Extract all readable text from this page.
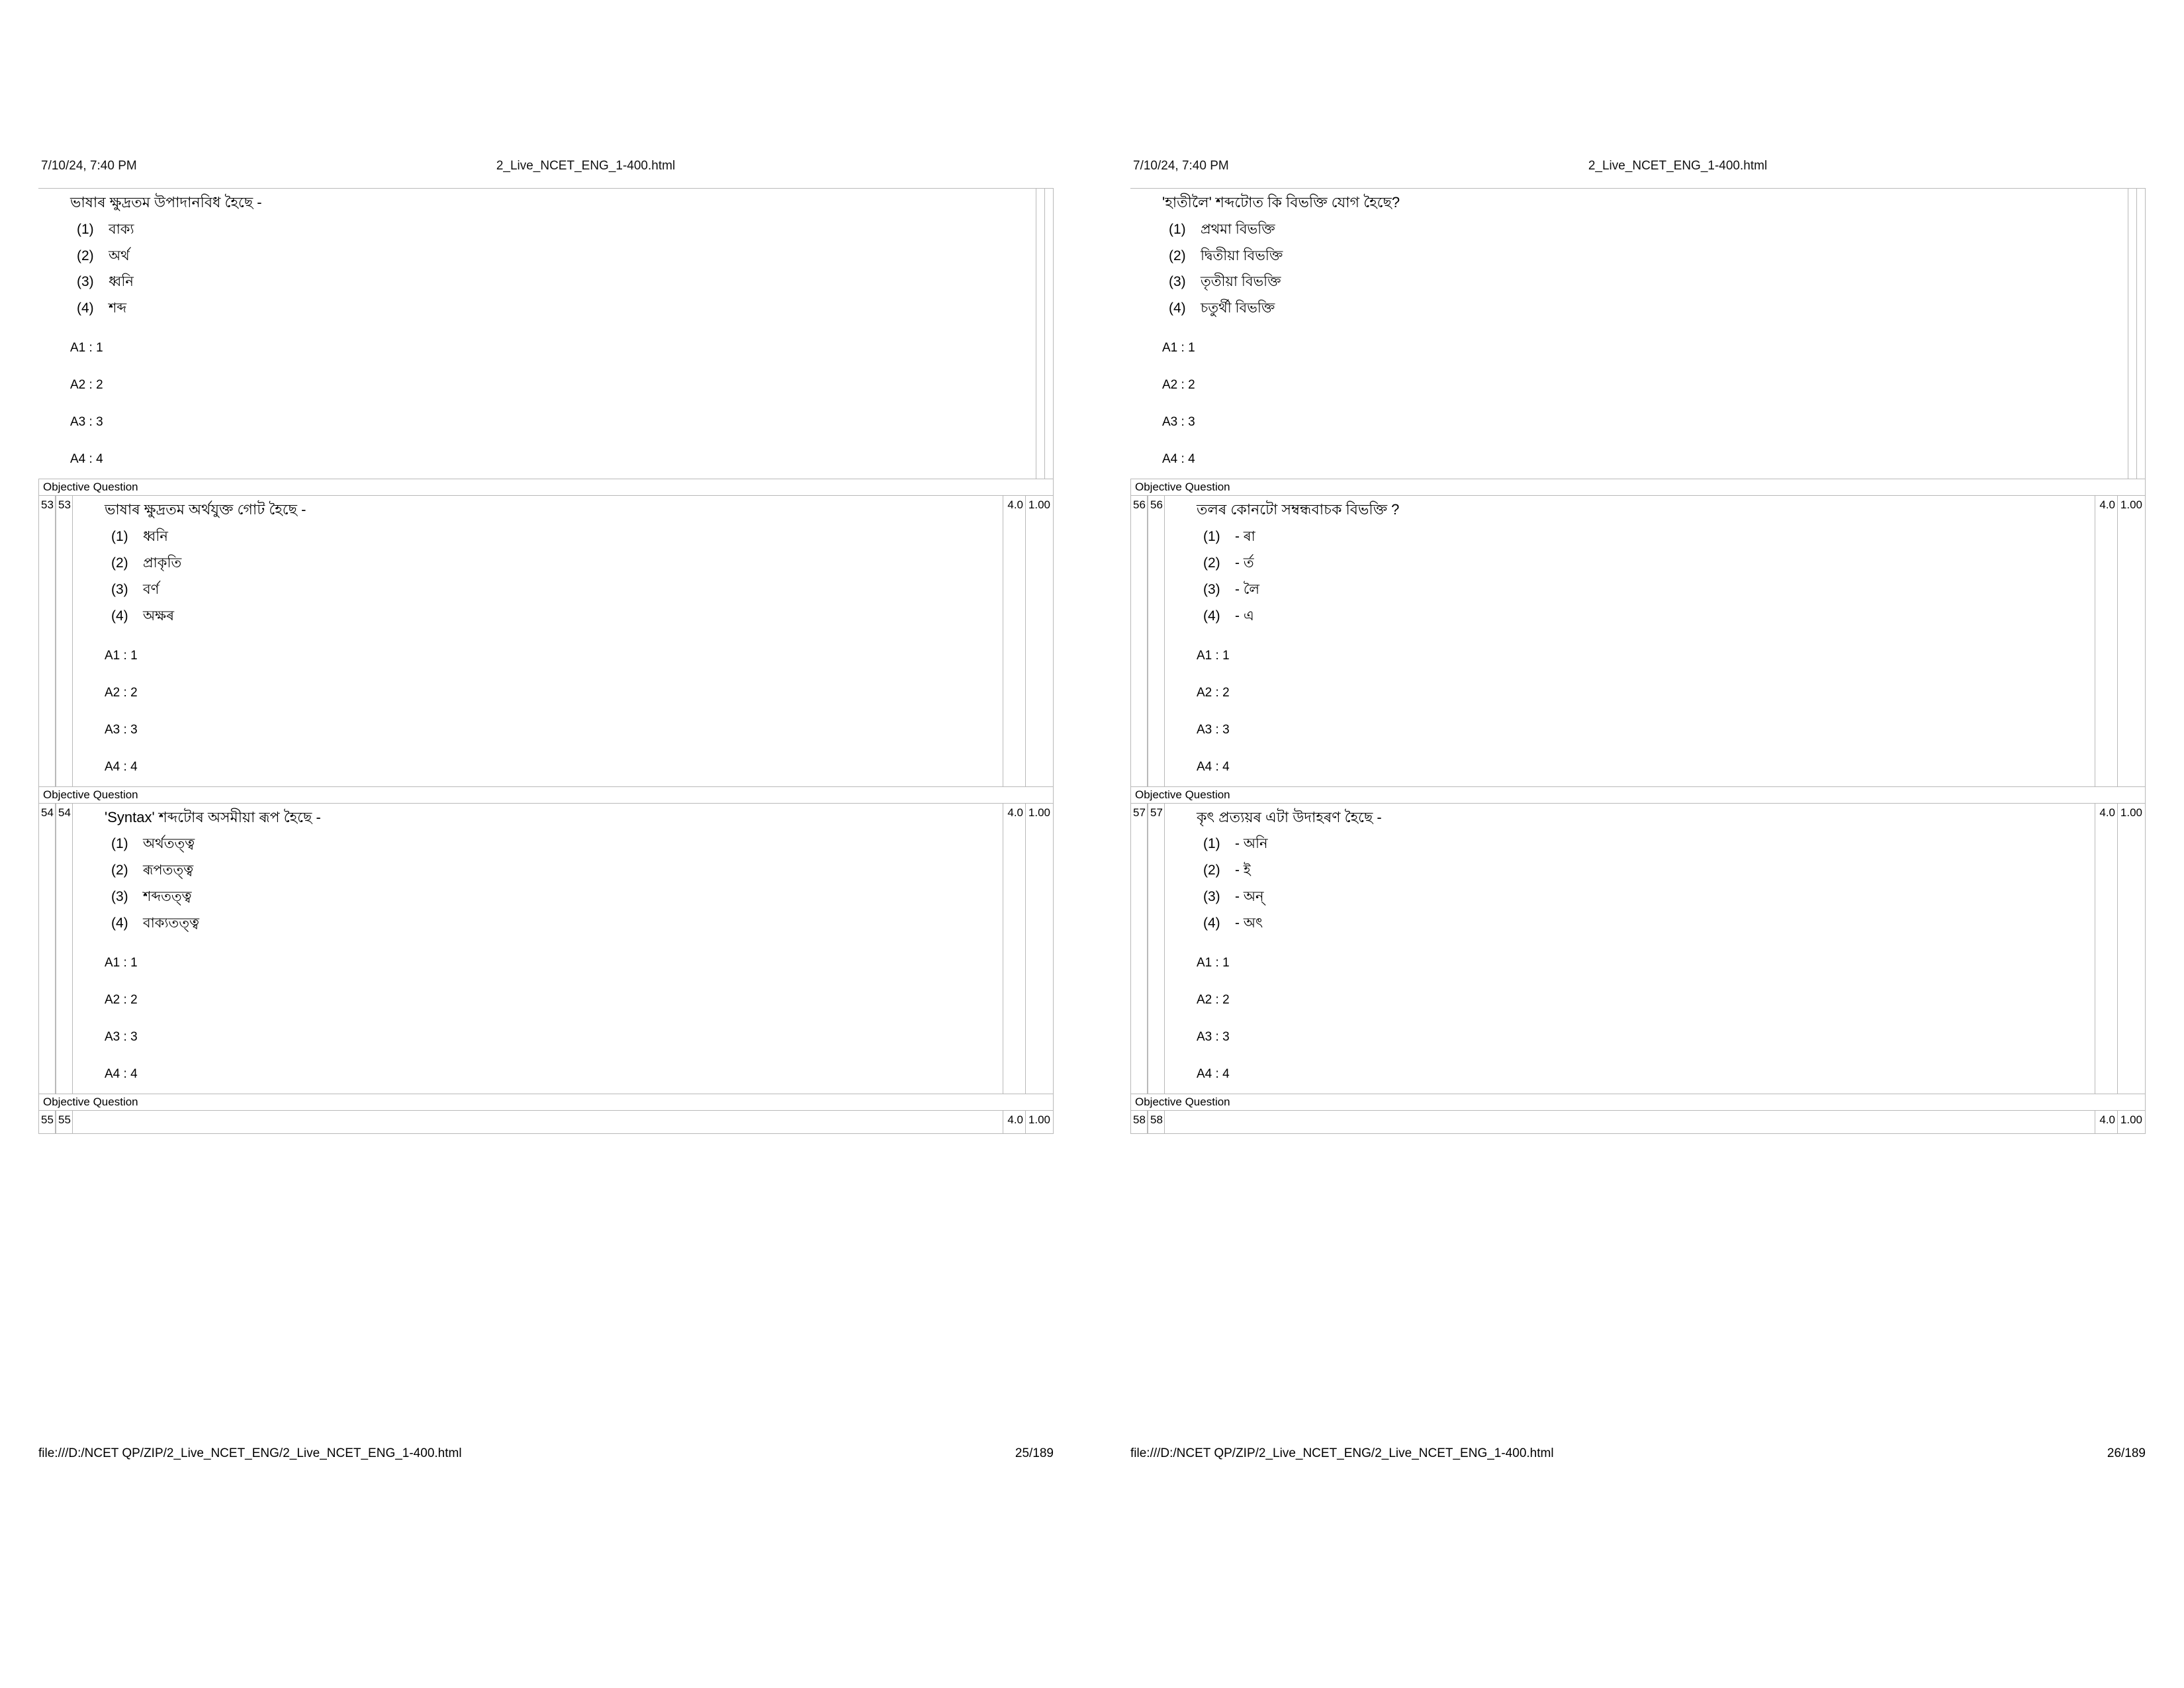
7/10/24, 7:40 PM	2_Live_NCET_ENG_1-400.html
ভাষাৰ ক্ষুদ্ৰতম উপাদানবিধ হৈছে -
(1)	বাক্য
(2)	অৰ্থ
(3)	ধ্বনি
(4)	শব্দ
A1 : 1
A2 : 2
A3 : 3
A4 : 4
Objective Question
53 53 ভাষাৰ ক্ষুদ্ৰতম অৰ্থযুক্ত গোট হৈছে -
(1)	ধ্বনি
(2)	প্ৰাকৃতি
(3)	বৰ্ণ
(4)	অক্ষৰ
A1 : 1
A2 : 2
A3 : 3
A4 : 4
4.0 1.00
Objective Question
54 54 'Syntax' শব্দটোৰ অসমীয়া ৰূপ হৈছে -
(1)	অৰ্থতত্ত্ব
(2)	ৰূপতত্ত্ব
(3)	শব্দতত্ত্ব
(4)	বাক্যতত্ত্ব
A1 : 1
A2 : 2
A3 : 3
A4 : 4
4.0 1.00
Objective Question
55 55	4.0 1.00
7/10/24, 7:40 PM	2_Live_NCET_ENG_1-400.html
'হাতীলৈ' শব্দটোত কি বিভক্তি যোগ হৈছে?
(1)	প্ৰথমা বিভক্তি
(2)	দ্বিতীয়া বিভক্তি
(3)	তৃতীয়া বিভক্তি
(4)	চতুৰ্থী বিভক্তি
A1 : 1
A2 : 2
A3 : 3
A4 : 4
Objective Question
56 56 তলৰ কোনটো সম্বন্ধবাচক বিভক্তি ?
(1)	- ৰা
(2)	- ৰ্ত
(3)	- লৈ
(4)	- এ
A1 : 1
A2 : 2
A3 : 3
A4 : 4
4.0 1.00
Objective Question
57 57 কৃৎ প্ৰত্যয়ৰ এটা উদাহৰণ হৈছে -
(1)	- অনি
(2)	- ই
(3)	- অন্
(4)	- অৎ
A1 : 1
A2 : 2
A3 : 3
A4 : 4
4.0 1.00
Objective Question
58 58	4.0 1.00
file:///D:/NCET QP/ZIP/2_Live_NCET_ENG/2_Live_NCET_ENG_1-400.html	25/189	file:///D:/NCET QP/ZIP/2_Live_NCET_ENG/2_Live_NCET_ENG_1-400.html	26/189
